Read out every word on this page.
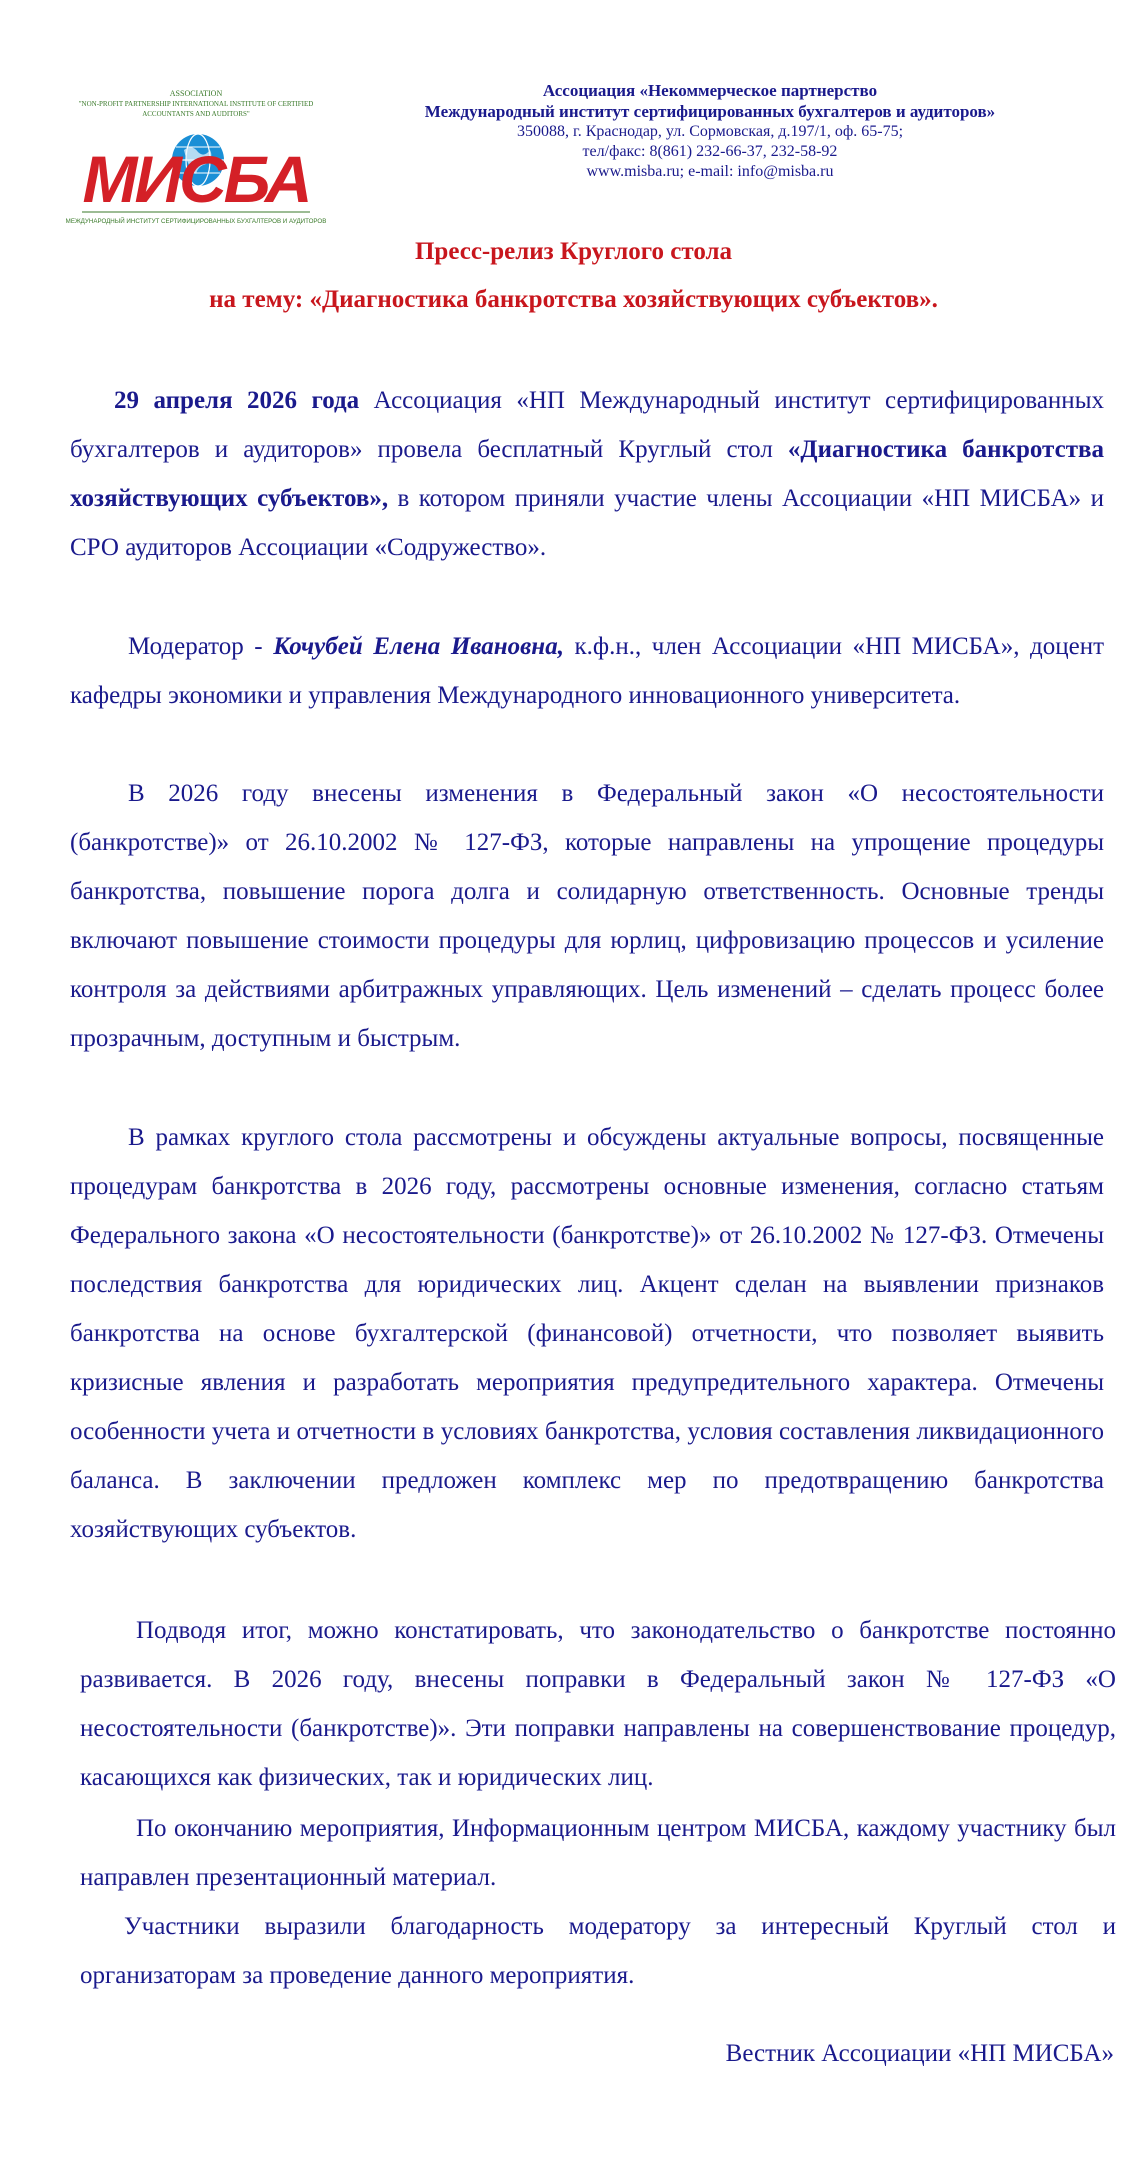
ASSOCIATION
"NON-PROFIT PARTNERSHIP INTERNATIONAL INSTITUTE OF CERTIFIED
ACCOUNTANTS AND AUDITORS"
МИСБА
МЕЖДУНАРОДНЫЙ ИНСТИТУТ СЕРТИФИЦИРОВАННЫХ БУХГАЛТЕРОВ И АУДИТОРОВ
Ассоциация «Некоммерческое партнерство
Международный институт сертифицированных бухгалтеров и аудиторов»
350088, г. Краснодар, ул. Сормовская, д.197/1, оф. 65-75;
тел/факс: 8(861) 232-66-37, 232-58-92
www.misba.ru; e-mail: info@misba.ru
Пресс-релиз Круглого стола
на тему: «Диагностика банкротства хозяйствующих субъектов».
29 апреля 2026 года Ассоциация «НП Международный институт сертифицированных бухгалтеров и аудиторов» провела бесплатный Круглый стол «Диагностика банкротства хозяйствующих субъектов», в котором приняли участие члены Ассоциации «НП МИСБА» и СРО аудиторов Ассоциации «Содружество».
Модератор - Кочубей Елена Ивановна, к.ф.н., член Ассоциации «НП МИСБА», доцент кафедры экономики и управления Международного инновационного университета.
В 2026 году внесены изменения в Федеральный закон «О несостоятельности (банкротстве)» от 26.10.2002 № 127-ФЗ, которые направлены на упрощение процедуры банкротства, повышение порога долга и солидарную ответственность. Основные тренды включают повышение стоимости процедуры для юрлиц, цифровизацию процессов и усиление контроля за действиями арбитражных управляющих. Цель изменений – сделать процесс более прозрачным, доступным и быстрым.
В рамках круглого стола рассмотрены и обсуждены актуальные вопросы, посвященные процедурам банкротства в 2026 году, рассмотрены основные изменения, согласно статьям Федерального закона «О несостоятельности (банкротстве)» от 26.10.2002 № 127-ФЗ. Отмечены последствия банкротства для юридических лиц. Акцент сделан на выявлении признаков банкротства на основе бухгалтерской (финансовой) отчетности, что позволяет выявить кризисные явления и разработать мероприятия предупредительного характера. Отмечены особенности учета и отчетности в условиях банкротства, условия составления ликвидационного баланса. В заключении предложен комплекс мер по предотвращению банкротства хозяйствующих субъектов.
Подводя итог, можно констатировать, что законодательство о банкротстве постоянно развивается. В 2026 году, внесены поправки в Федеральный закон № 127-ФЗ «О несостоятельности (банкротстве)». Эти поправки направлены на совершенствование процедур, касающихся как физических, так и юридических лиц.
По окончанию мероприятия, Информационным центром МИСБА, каждому участнику был направлен презентационный материал.
Участники выразили благодарность модератору за интересный Круглый стол и организаторам за проведение данного мероприятия.
Вестник Ассоциации «НП МИСБА»
